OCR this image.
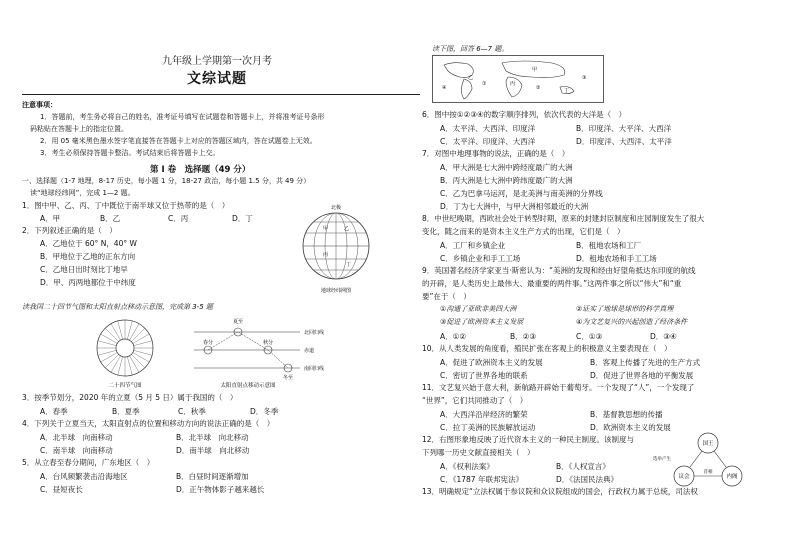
九年级上学期第一次月考
文综试题
注意事项：
1．答题前，考生务必将自己的姓名，准考证号填写在试题卷和答题卡上，并将准考证号条形
码粘贴在答题卡上的指定位置。
2．用 05 毫米黑色墨水签字笔直接答在答题卡上对应的答题区域内，答在试题卷上无效。
3．考生必须保持答题卡整洁。考试结束后将答题卡上交。
第 I 卷　选择题（49 分）
一、选择题（1-7 地理，8-17 历史，每小题 1 分，18-27 政治，每小题 1.5 分，共 49 分）
读“地球经纬网”，完成 1—2 题。
1．图中甲、乙、丙、丁中既位于南半球又位于热带的是（　）
A．甲	B．乙	C．丙	D．丁
2．下列叙述正确的是（　）
A．乙地位于 60° N，40° W
B．甲地位于乙地的正东方向
C．乙地日出时刻比丁地早
D．甲、丙两地都位于中纬度
北极
甲	乙
丙
丁
地球经纬网图
读我国二十四节气图和太阳直射点移动示意图，完成第 3-5 题
二十四节气图
夏至
春分	秋分
冬至
北回归线
赤道
南回归线
太阳直射点移动示意图
3．按季节划分，2020 年的立夏（5 月 5 日）属于我国的（　）
A．春季	B．夏季	C．秋季	D．冬季
4．下列关于立夏当天，太阳直射点的位置和移动方向的说法正确的是（　）
A．北半球　向南移动	B．北半球　向北移动
C．南半球　向南移动	D．南半球　向北移动
5．从立春至春分期间，广东地区（　）
A．台风频繁袭击沿海地区	B．白昼时间逐渐增加
C．昼短夜长	D．正午物体影子越来越长
读下图，回答 6—7 题。
甲
乙
丙
丁
①
②
③
④
6．图中按①②③④的数字顺序排列，依次代表的大洋是（　）
A．太平洋、大西洋、印度洋	B．印度洋、大平洋、大西洋
C．太平洋、印度洋、大西洋	D．印度洋、大西洋、太平洋
7．对图中地理事物的说法，正确的是（　）
A．甲大洲是七大洲中跨经度最广的大洲
B．丙大洲是七大洲中跨纬度最广的大洲
C．乙为巴拿马运河，是北美洲与南美洲的分界线
D．丁为七大洲中，与甲大洲相邻最近的大洲
8．中世纪晚期，西欧社会处于转型时期，原来的封建封臣制度和庄园制度发生了很大
变化，随之而来的是资本主义生产方式的出现，它们是（　）
A．工厂和乡镇企业	B．租地农场和工厂
C．乡镇企业和手工工场	D．租地农场和手工工场
9．英国著名经济学家亚当·斯密认为：“美洲的发现和经由好望角抵达东印度的航线
的开辟，是人类历史上最伟大、最重要的两件事。”这两件事之所以“伟大”和“重
要”在于（　）
①沟通了亚欧非美四大洲	②证实了地球是球形的科学真理
③促进了欧洲资本主义发展	④为文艺复兴的兴起创造了经济条件
A．①②	B．②③	C．①③	D．③④
10．从人类发展的角度看，殖民扩张在客观上的积极意义主要表现在（　）
A．促进了欧洲资本主义的发展	B．客观上传播了先进的生产方式
C．密切了世界各地的联系	D．促进了世界各地的平衡发展
11．文艺复兴始于意大利，新航路开辟始于葡萄牙。一个发现了“人”，一个发现了
“世界”，它们共同推动了（　）
A．大西洋沿岸经济的繁荣	B．基督教思想的传播
C．拉丁美洲的民族解放运动	D．欧洲资本主义的发展
12．右图形象地反映了近代资本主义的一种民主制度。该制度与
下列哪一历史文献直接相关（　）
A．《权利法案》	B．《人权宣言》
C．《1787 年联邦宪法》	D．《法国民法典》
国王
议会	内阁
首相
选举产生
13．明确规定“立法权属于参议院和众议院组成的国会，行政权力属于总统，司法权
